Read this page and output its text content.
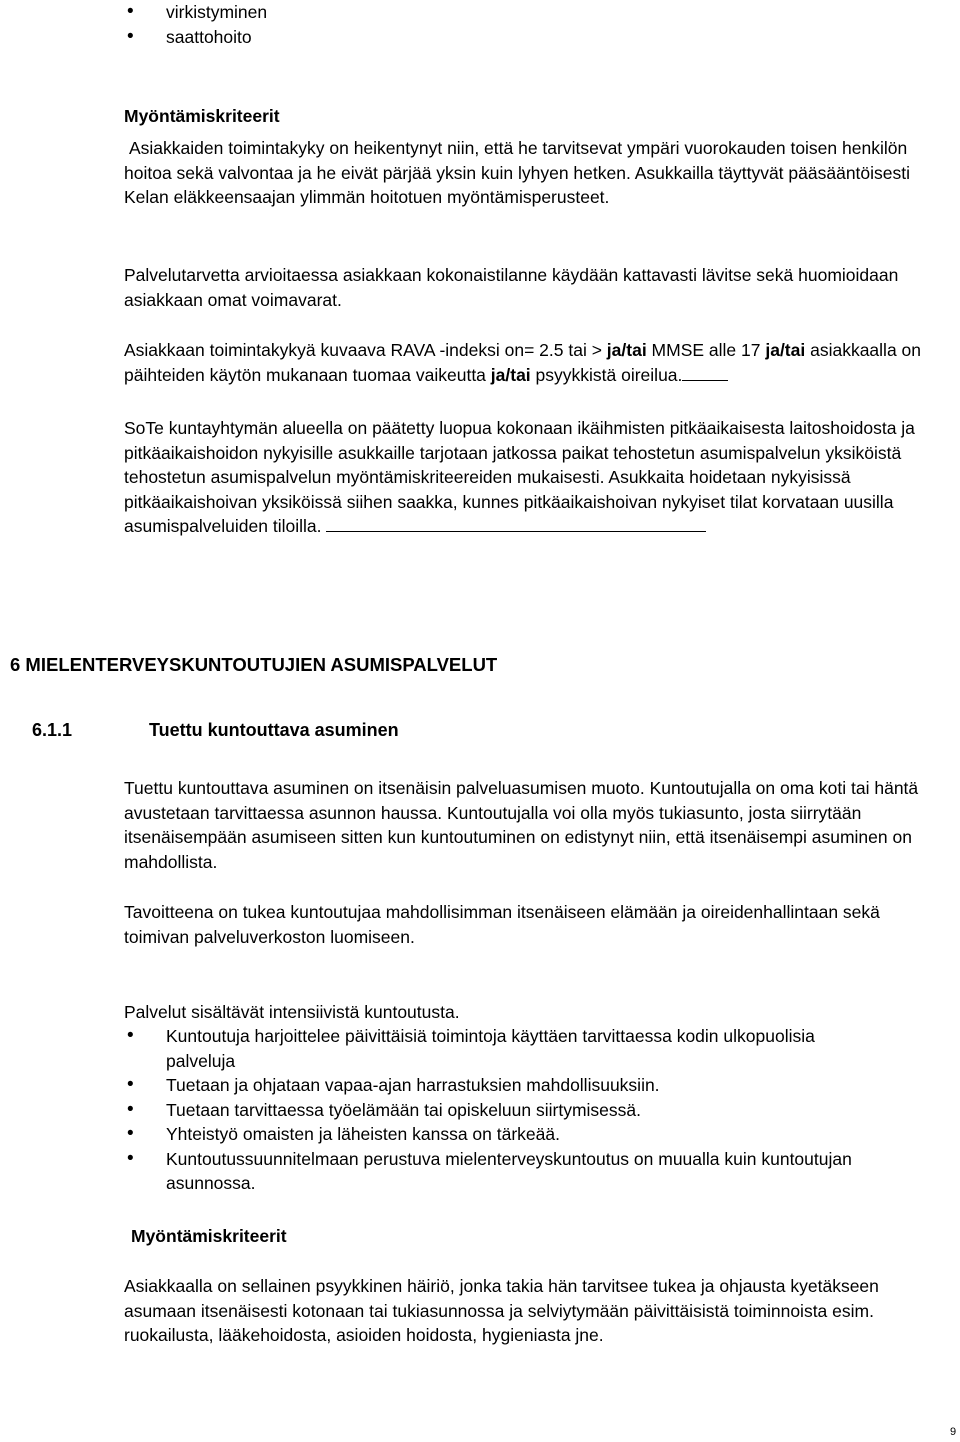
• virkistyminen
• saattohoito

Myöntämiskriteerit

Asiakkaiden toimintakyky on heikentynyt niin, että he tarvitsevat ympäri vuorokauden toisen henkilön hoitoa sekä valvontaa ja he eivät pärjää yksin kuin lyhyen hetken. Asukkailla täyttyvät pääsääntöisesti Kelan eläkkeensaajan ylimmän hoitotuen myöntämisperusteet.

Palvelutarvetta arvioitaessa asiakkaan kokonaistilanne käydään kattavasti lävitse sekä huomioidaan asiakkaan omat voimavarat.

Asiakkaan toimintakykyä kuvaava RAVA -indeksi on= 2.5 tai > ja/tai MMSE alle 17 ja/tai asiakkaalla on päihteiden käytön mukanaan tuomaa vaikeutta ja/tai psyykkistä oireilua.

SoTe kuntayhtymän alueella on päätetty luopua kokonaan ikäihmisten pitkäaikaisesta laitoshoidosta ja pitkäaikaishoidon nykyisille asukkaille tarjotaan jatkossa paikat tehostetun asumispalvelun yksiköistä tehostetun asumispalvelun myöntämiskriteereiden mukaisesti. Asukkaita hoidetaan nykyisissä pitkäaikaishoivan yksiköissä siihen saakka, kunnes pitkäaikaishoivan nykyiset tilat korvataan uusilla asumispalveluiden tiloilla.

6 MIELENTERVEYSKUNTOUTUJIEN ASUMISPALVELUT
6.1.1	Tuettu kuntouttava asuminen

Tuettu kuntouttava asuminen on itsenäisin palveluasumisen muoto. Kuntoutujalla on oma koti tai häntä avustetaan tarvittaessa asunnon haussa. Kuntoutujalla voi olla myös tukiasunto, josta siirrytään itsenäisempään asumiseen sitten kun kuntoutuminen on edistynyt niin, että itsenäisempi asuminen on mahdollista.

Tavoitteena on tukea kuntoutujaa mahdollisimman itsenäiseen elämään ja oireidenhallintaan sekä toimivan palveluverkoston luomiseen.

Palvelut sisältävät intensiivistä kuntoutusta.

• Kuntoutuja harjoittelee päivittäisiä toimintoja käyttäen tarvittaessa kodin ulkopuolisia palveluja
• Tuetaan ja ohjataan vapaa-ajan harrastuksien mahdollisuuksiin.
• Tuetaan tarvittaessa työelämään tai opiskeluun siirtymisessä.
• Yhteistyö omaisten ja läheisten kanssa on tärkeää.
• Kuntoutussuunnitelmaan perustuva mielenterveyskuntoutus on muualla kuin kuntoutujan asunnossa.

Myöntämiskriteerit

Asiakkaalla on sellainen psyykkinen häiriö, jonka takia hän tarvitsee tukea ja ohjausta kyetäkseen asumaan itsenäisesti kotonaan tai tukiasunnossa ja selviytymään päivittäisistä toiminnoista esim. ruokailusta, lääkehoidosta, asioiden hoidosta, hygieniasta jne.

9
